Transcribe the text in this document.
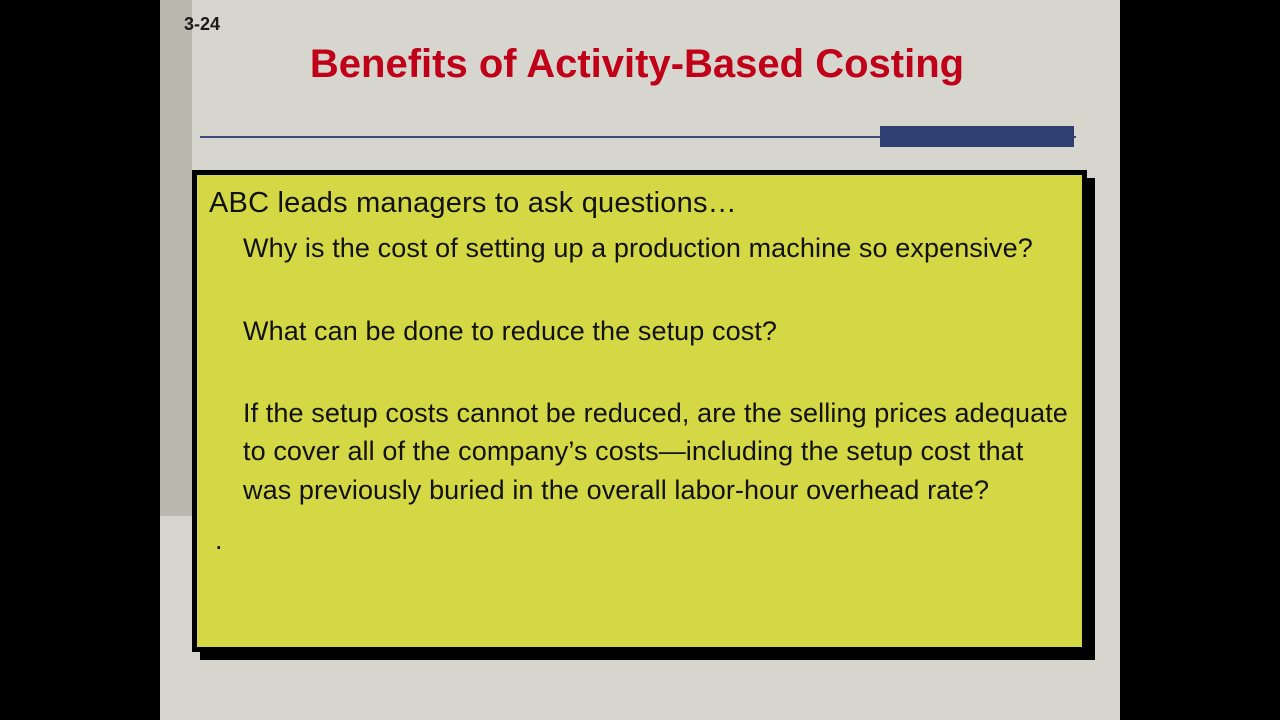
3-24
Benefits of Activity-Based Costing
ABC leads managers to ask questions…
Why is the cost of setting up a production machine so expensive?
What can be done to reduce the setup cost?
If the setup costs cannot be reduced, are the selling prices adequate to cover all of the company’s costs—including the setup cost that was previously buried in the overall labor-hour overhead rate?
.
